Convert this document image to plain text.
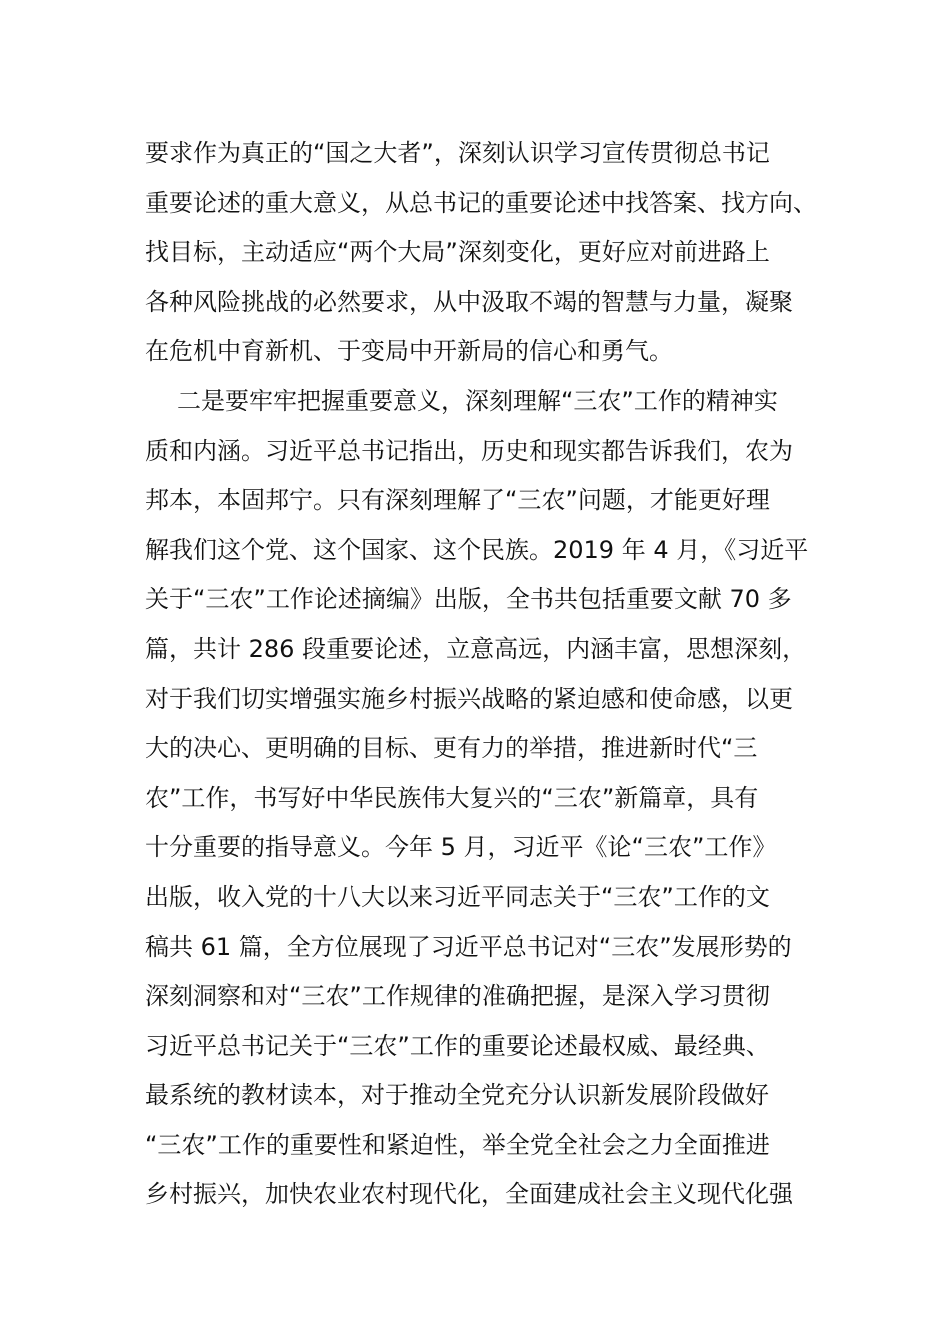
要求作为真正的“国之大者”，深刻认识学习宣传贯彻总书记
重要论述的重大意义，从总书记的重要论述中找答案、找方向、
找目标，主动适应“两个大局”深刻变化，更好应对前进路上
各种风险挑战的必然要求，从中汲取不竭的智慧与力量，凝聚
在危机中育新机、于变局中开新局的信心和勇气。
二是要牢牢把握重要意义，深刻理解“三农”工作的精神实
质和内涵。习近平总书记指出，历史和现实都告诉我们，农为
邦本，本固邦宁。只有深刻理解了“三农”问题，才能更好理
解我们这个党、这个国家、这个民族。2019 年 4 月，《习近平
关于“三农”工作论述摘编》出版，全书共包括重要文献 70 多
篇，共计 286 段重要论述，立意高远，内涵丰富，思想深刻，
对于我们切实增强实施乡村振兴战略的紧迫感和使命感，以更
大的决心、更明确的目标、更有力的举措，推进新时代“三
农”工作，书写好中华民族伟大复兴的“三农”新篇章，具有
十分重要的指导意义。今年 5 月，习近平《论“三农”工作》
出版，收入党的十八大以来习近平同志关于“三农”工作的文
稿共 61 篇，全方位展现了习近平总书记对“三农”发展形势的
深刻洞察和对“三农”工作规律的准确把握，是深入学习贯彻
习近平总书记关于“三农”工作的重要论述最权威、最经典、
最系统的教材读本，对于推动全党充分认识新发展阶段做好
“三农”工作的重要性和紧迫性，举全党全社会之力全面推进
乡村振兴，加快农业农村现代化，全面建成社会主义现代化强
